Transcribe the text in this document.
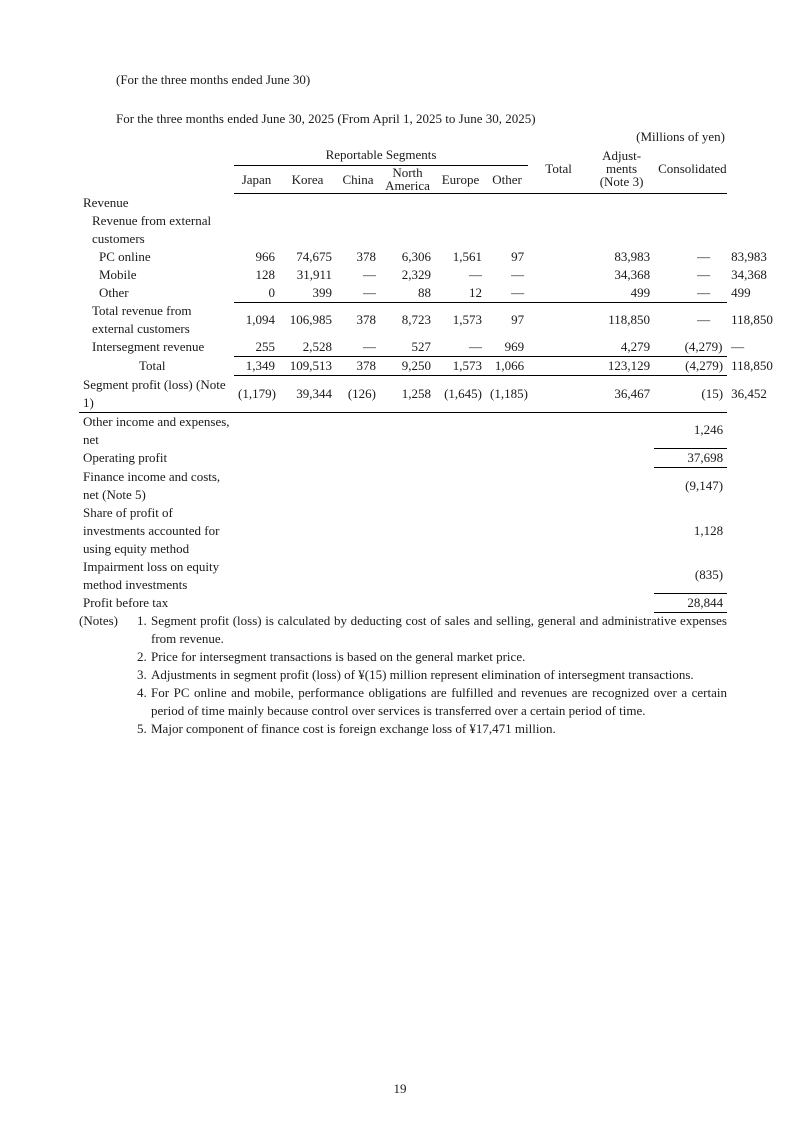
(For the three months ended June 30)
For the three months ended June 30, 2025 (From April 1, 2025 to June 30, 2025)
(Millions of yen)
	Reportable Segments						Total	Adjust- ments (Note 3)	Consolidated	
	Japan	Korea	China	North America	Europe	Other				
Revenue										
Revenue from external customers										
PC online	966	74,675	378	6,306	1,561	97	83,983		―	83,983
Mobile	128	31,911	―	2,329	―	―	34,368		―	34,368
Other	0	399	―	88	12	―	499		―	499
Total revenue from external customers	1,094	106,985	378	8,723	1,573	97	118,850		―	118,850
Intersegment revenue	255	2,528	―	527	―	969	4,279		(4,279)	―
Total	1,349	109,513	378	9,250	1,573	1,066	123,129		(4,279)	118,850
Segment profit (loss) (Note 1)	(1,179)	39,344	(126)	1,258	(1,645)	(1,185)	36,467		(15)	36,452
Other income and expenses, net									1,246	
Operating profit									37,698	
Finance income and costs, net (Note 5)									(9,147)	
Share of profit of investments accounted for using equity method									1,128	
Impairment loss on equity method investments									(835)	
Profit before tax									28,844	
(Notes)	1. Segment profit (loss) is calculated by deducting cost of sales and selling, general and administrative expenses from revenue.
2. Price for intersegment transactions is based on the general market price.
3. Adjustments in segment profit (loss) of ¥(15) million represent elimination of intersegment transactions.
4. For PC online and mobile, performance obligations are fulfilled and revenues are recognized over a certain period of time mainly because control over services is transferred over a certain period of time.
5. Major component of finance cost is foreign exchange loss of ¥17,471 million.
19
